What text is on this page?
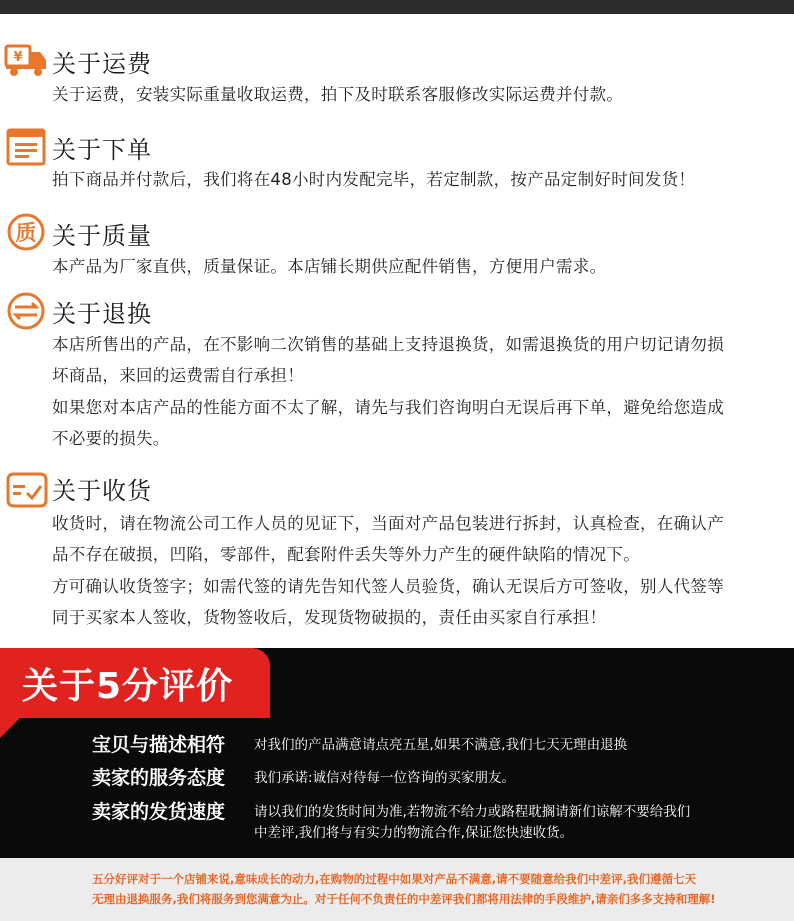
¥ 关于运费
关于运费，安装实际重量收取运费，拍下及时联系客服修改实际运费并付款。
关于下单
拍下商品并付款后，我们将在48小时内发配完毕，若定制款，按产品定制好时间发货！
质 关于质量
本产品为厂家直供，质量保证。本店铺长期供应配件销售，方便用户需求。
关于退换
本店所售出的产品，在不影响二次销售的基础上支持退换货，如需退换货的用户切记请勿损
坏商品，来回的运费需自行承担！
如果您对本店产品的性能方面不太了解，请先与我们咨询明白无误后再下单，避免给您造成
不必要的损失。
关于收货
收货时，请在物流公司工作人员的见证下，当面对产品包装进行拆封，认真检查，在确认产
品不存在破损，凹陷，零部件，配套附件丢失等外力产生的硬件缺陷的情况下。
方可确认收货签字；如需代签的请先告知代签人员验货，确认无误后方可签收，别人代签等
同于买家本人签收，货物签收后，发现货物破损的，责任由买家自行承担！
关于5分评价
宝贝与描述相符 对我们的产品满意请点亮五星,如果不满意,我们七天无理由退换
卖家的服务态度 我们承诺:诚信对待每一位咨询的买家朋友。
卖家的发货速度 请以我们的发货时间为准,若物流不给力或路程耽搁请新们谅解不要给我们
中差评,我们将与有实力的物流合作,保证您快速收货。
五分好评对于一个店铺来说,意味成长的动力,在购物的过程中如果对产品不满意,请不要随意给我们中差评,我们遵循七天
无理由退换服务,我们将服务到您满意为止。对于任何不负责任的中差评我们都将用法律的手段维护,请亲们多多支持和理解!
